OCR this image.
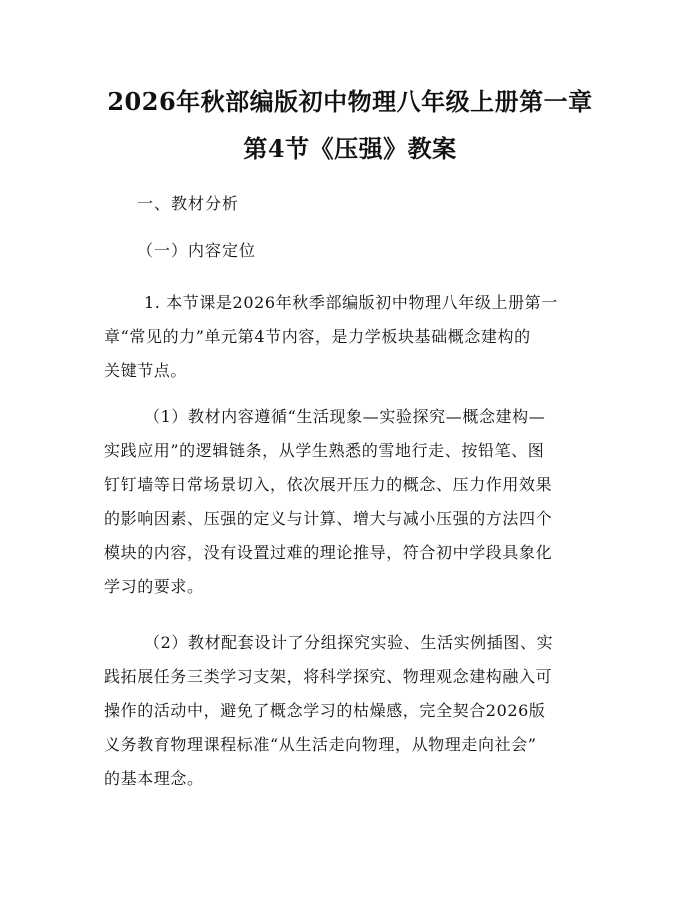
2026年秋部编版初中物理八年级上册第一章
第4节《压强》教案
一、教材分析
（一）内容定位
1. 本节课是2026年秋季部编版初中物理八年级上册第一
章“常见的力”单元第4节内容，是力学板块基础概念建构的
关键节点。
（1）教材内容遵循“生活现象—实验探究—概念建构—
实践应用”的逻辑链条，从学生熟悉的雪地行走、按铅笔、图
钉钉墙等日常场景切入，依次展开压力的概念、压力作用效果
的影响因素、压强的定义与计算、增大与减小压强的方法四个
模块的内容，没有设置过难的理论推导，符合初中学段具象化
学习的要求。
（2）教材配套设计了分组探究实验、生活实例插图、实
践拓展任务三类学习支架，将科学探究、物理观念建构融入可
操作的活动中，避免了概念学习的枯燥感，完全契合2026版
义务教育物理课程标准“从生活走向物理，从物理走向社会”
的基本理念。
